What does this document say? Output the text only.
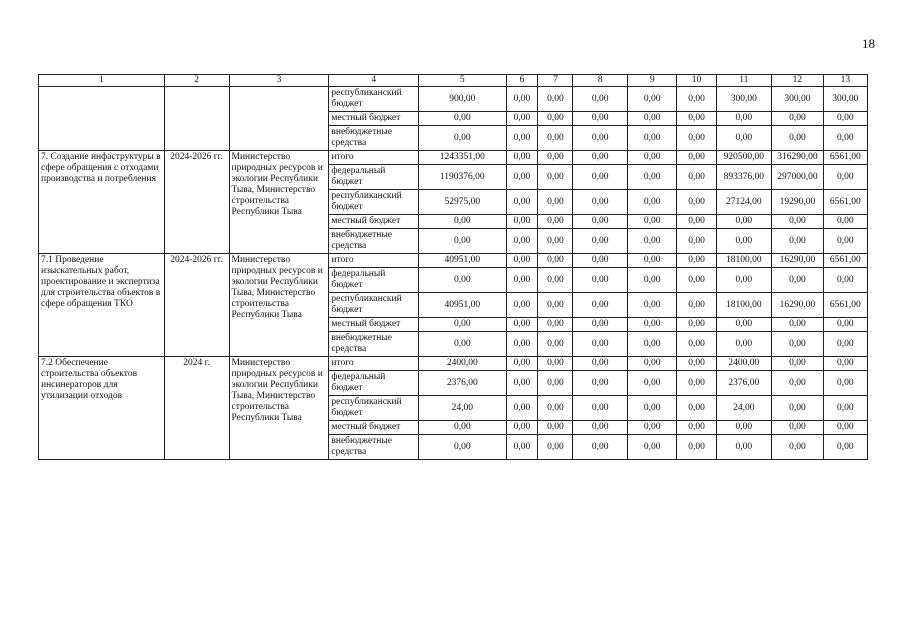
18
1	2	3	4	5	6	7	8	9	10	11	12	13
			республиканский бюджет	900,00	0,00	0,00	0,00	0,00	0,00	300,00	300,00	300,00
			местный бюджет	0,00	0,00	0,00	0,00	0,00	0,00	0,00	0,00	0,00
			внебюджетные средства	0,00	0,00	0,00	0,00	0,00	0,00	0,00	0,00	0,00
7. Создание инфаструктуры в сфере обращения с отходами производства и потребления	2024-2026 гг.	Министерство природных ресурсов и экологии Республики Тыва, Министерство строительства Республики Тыва	итого	1243351,00	0,00	0,00	0,00	0,00	0,00	920500,00	316290,00	6561,00
			федеральный бюджет	1190376,00	0,00	0,00	0,00	0,00	0,00	893376,00	297000,00	0,00
			республиканский бюджет	52975,00	0,00	0,00	0,00	0,00	0,00	27124,00	19290,00	6561,00
			местный бюджет	0,00	0,00	0,00	0,00	0,00	0,00	0,00	0,00	0,00
			внебюджетные средства	0,00	0,00	0,00	0,00	0,00	0,00	0,00	0,00	0,00
7.1 Проведение изыскательных работ, проектирование и экспертиза для строительства объектов в сфере обращения ТКО	2024-2026 гг.	Министерство природных ресурсов и экологии Республики Тыва, Министерство строительства Республики Тыва	итого	40951,00	0,00	0,00	0,00	0,00	0,00	18100,00	16290,00	6561,00
			федеральный бюджет	0,00	0,00	0,00	0,00	0,00	0,00	0,00	0,00	0,00
			республиканский бюджет	40951,00	0,00	0,00	0,00	0,00	0,00	18100,00	16290,00	6561,00
			местный бюджет	0,00	0,00	0,00	0,00	0,00	0,00	0,00	0,00	0,00
			внебюджетные средства	0,00	0,00	0,00	0,00	0,00	0,00	0,00	0,00	0,00
7.2 Обеспечение строительства объектов инсинераторов для утилизации отходов	2024 г.	Министерство природных ресурсов и экологии Республики Тыва, Министерство строительства Республики Тыва	итого	2400,00	0,00	0,00	0,00	0,00	0,00	2400,00	0,00	0,00
			федеральный бюджет	2376,00	0,00	0,00	0,00	0,00	0,00	2376,00	0,00	0,00
			республиканский бюджет	24,00	0,00	0,00	0,00	0,00	0,00	24,00	0,00	0,00
			местный бюджет	0,00	0,00	0,00	0,00	0,00	0,00	0,00	0,00	0,00
			внебюджетные средства	0,00	0,00	0,00	0,00	0,00	0,00	0,00	0,00	0,00
